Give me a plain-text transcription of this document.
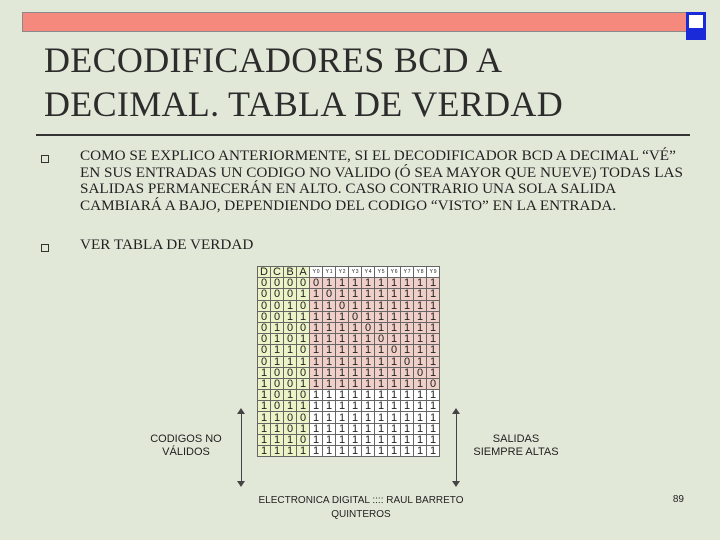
DECODIFICADORES BCD A
DECIMAL. TABLA DE VERDAD
COMO SE EXPLICO ANTERIORMENTE, SI EL DECODIFICADOR BCD A DECIMAL “VÉ” EN SUS ENTRADAS UN CODIGO NO VALIDO (Ó SEA MAYOR QUE NUEVE) TODAS LAS SALIDAS PERMANECERÁN EN ALTO. CASO CONTRARIO UNA SOLA SALIDA CAMBIARÁ A BAJO, DEPENDIENDO DEL CODIGO “VISTO” EN LA ENTRADA.
VER TABLA DE VERDAD
D	C	B	A	Y 0	Y 1	Y 2	Y 3	Y 4	Y 5	Y 6	Y 7	Y 8	Y 9
0	0	0	0	0	1	1	1	1	1	1	1	1	1
0	0	0	1	1	0	1	1	1	1	1	1	1	1
0	0	1	0	1	1	0	1	1	1	1	1	1	1
0	0	1	1	1	1	1	0	1	1	1	1	1	1
0	1	0	0	1	1	1	1	0	1	1	1	1	1
0	1	0	1	1	1	1	1	1	0	1	1	1	1
0	1	1	0	1	1	1	1	1	1	0	1	1	1
0	1	1	1	1	1	1	1	1	1	1	0	1	1
1	0	0	0	1	1	1	1	1	1	1	1	0	1
1	0	0	1	1	1	1	1	1	1	1	1	1	0
1	0	1	0	1	1	1	1	1	1	1	1	1	1
1	0	1	1	1	1	1	1	1	1	1	1	1	1
1	1	0	0	1	1	1	1	1	1	1	1	1	1
1	1	0	1	1	1	1	1	1	1	1	1	1	1
1	1	1	0	1	1	1	1	1	1	1	1	1	1
1	1	1	1	1	1	1	1	1	1	1	1	1	1
CODIGOS NO
VÁLIDOS
SALIDAS
SIEMPRE ALTAS
ELECTRONICA DIGITAL :::: RAUL BARRETO
QUINTEROS
89
